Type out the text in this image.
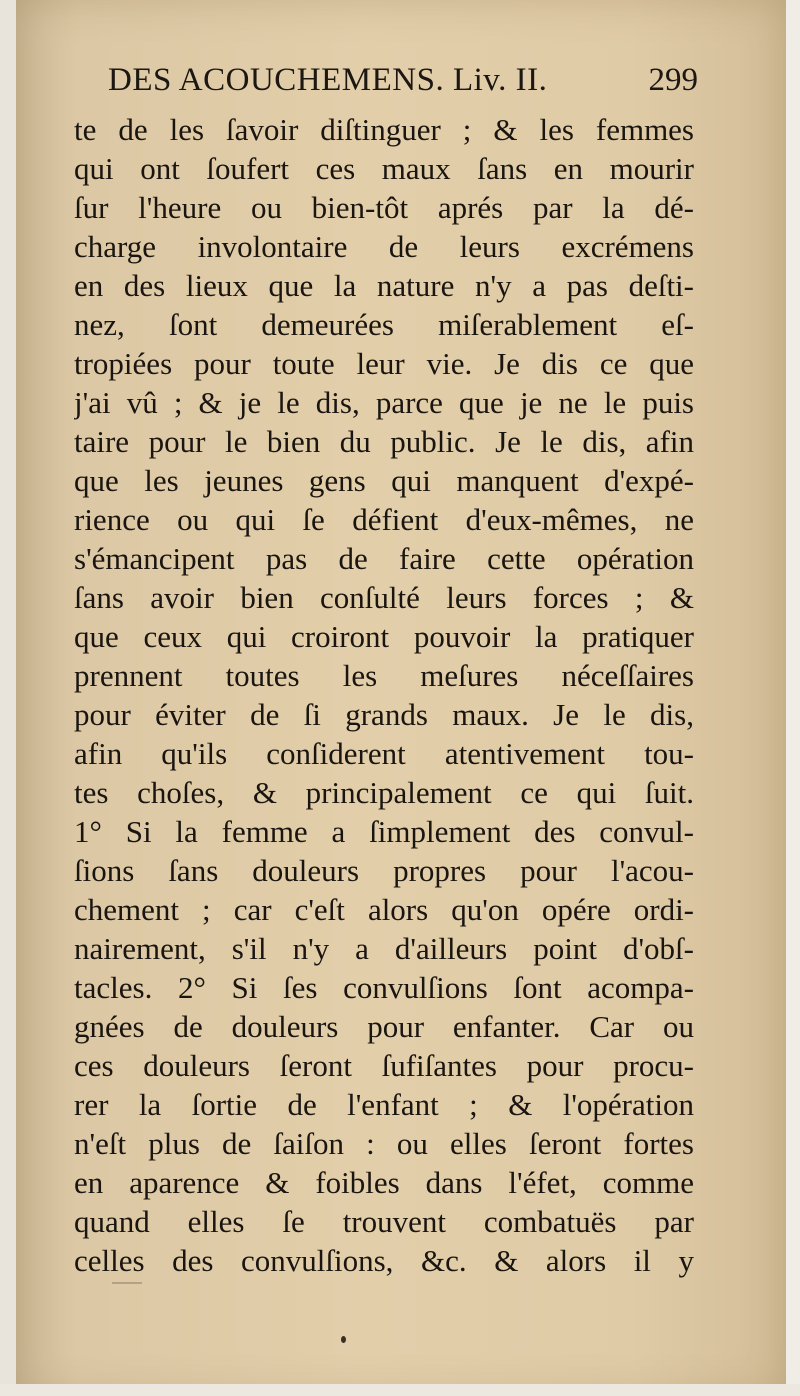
DES ACOUCHEMENS. Liv. II.	299
te de les ſavoir diſtinguer ; & les femmes
qui ont ſoufert ces maux ſans en mourir
ſur l'heure ou bien-tôt aprés par la dé-
charge involontaire de leurs excrémens
en des lieux que la nature n'y a pas deſti-
nez, ſont demeurées miſerablement eſ-
tropiées pour toute leur vie. Je dis ce que
j'ai vû ; & je le dis, parce que je ne le puis
taire pour le bien du public. Je le dis, afin
que les jeunes gens qui manquent d'expé-
rience ou qui ſe défient d'eux-mêmes, ne
s'émancipent pas de faire cette opération
ſans avoir bien conſulté leurs forces ; &
que ceux qui croiront pouvoir la pratiquer
prennent toutes les meſures néceſſaires
pour éviter de ſi grands maux. Je le dis,
afin qu'ils conſiderent atentivement tou-
tes choſes, & principalement ce qui ſuit.
1° Si la femme a ſimplement des convul-
ſions ſans douleurs propres pour l'acou-
chement ; car c'eſt alors qu'on opére ordi-
nairement, s'il n'y a d'ailleurs point d'obſ-
tacles. 2° Si ſes convulſions ſont acompa-
gnées de douleurs pour enfanter. Car ou
ces douleurs ſeront ſufiſantes pour procu-
rer la ſortie de l'enfant ; & l'opération
n'eſt plus de ſaiſon : ou elles ſeront fortes
en aparence & foibles dans l'éfet, comme
quand elles ſe trouvent combatuës par
celles des convulſions, &c. & alors il y
